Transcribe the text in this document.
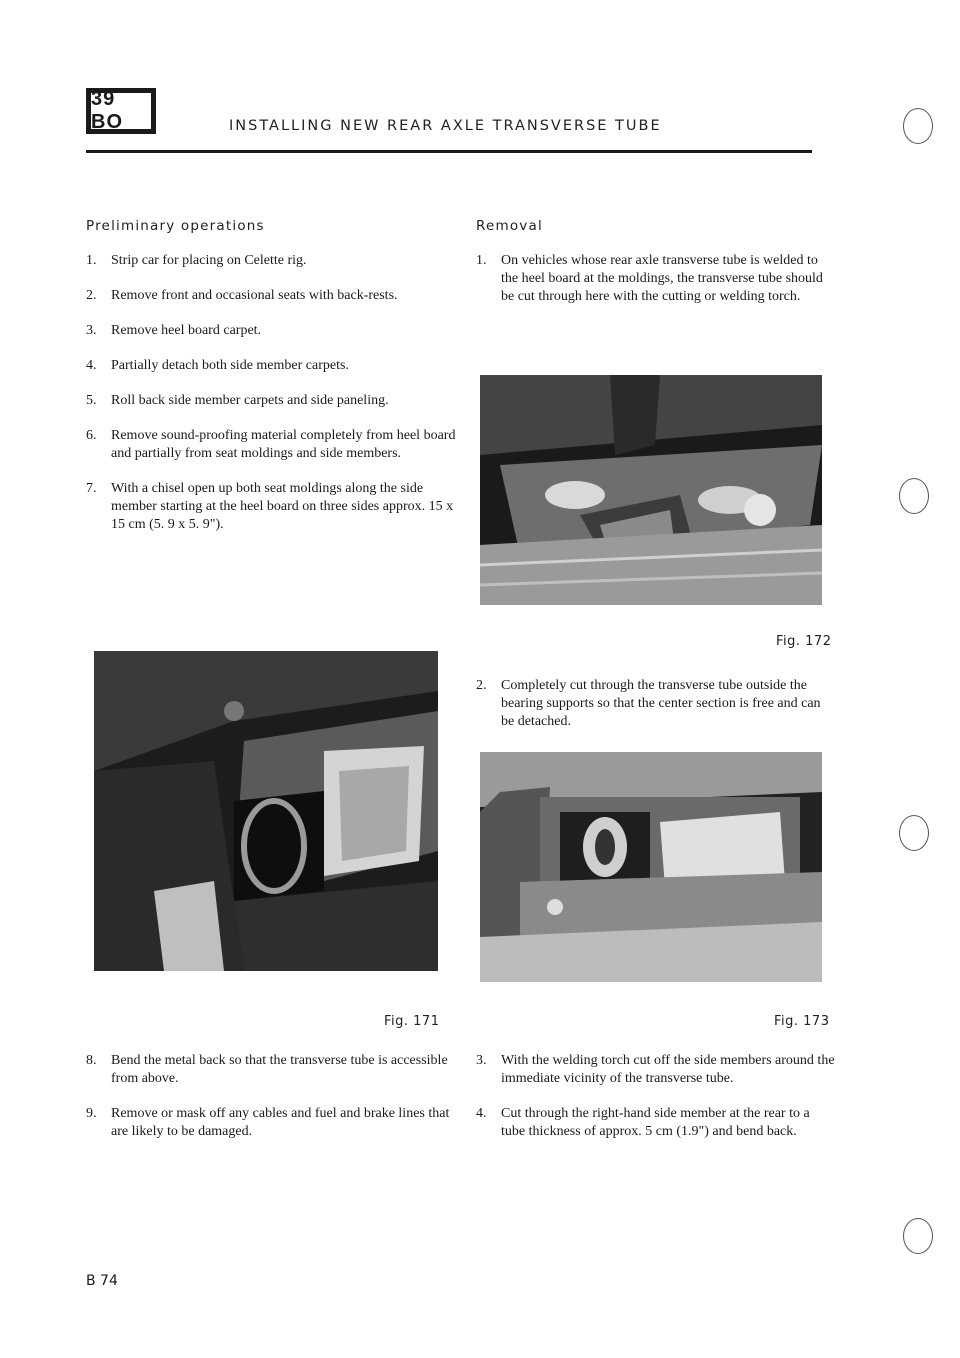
39 BO	INSTALLING NEW REAR AXLE TRANSVERSE TUBE
Preliminary operations
1.	Strip car for placing on Celette rig.
2.	Remove front and occasional seats with back-rests.
3.	Remove heel board carpet.
4.	Partially detach both side member carpets.
5.	Roll back side member carpets and side paneling.
6.	Remove sound-proofing material completely from heel board and partially from seat moldings and side members.
7.	With a chisel open up both seat moldings along the side member starting at the heel board on three sides approx. 15 x 15 cm (5. 9 x 5. 9").
Fig. 171
8.	Bend the metal back so that the transverse tube is accessible from above.
9.	Remove or mask off any cables and fuel and brake lines that are likely to be damaged.
Removal
1.	On vehicles whose rear axle transverse tube is welded to the heel board at the moldings, the transverse tube should be cut through here with the cutting or welding torch.
Fig. 172
2.	Completely cut through the transverse tube outside the bearing supports so that the center section is free and can be detached.
Fig. 173
3.	With the welding torch cut off the side members around the immediate vicinity of the transverse tube.
4.	Cut through the right-hand side member at the rear to a tube thickness of approx. 5 cm (1.9") and bend back.
B 74
